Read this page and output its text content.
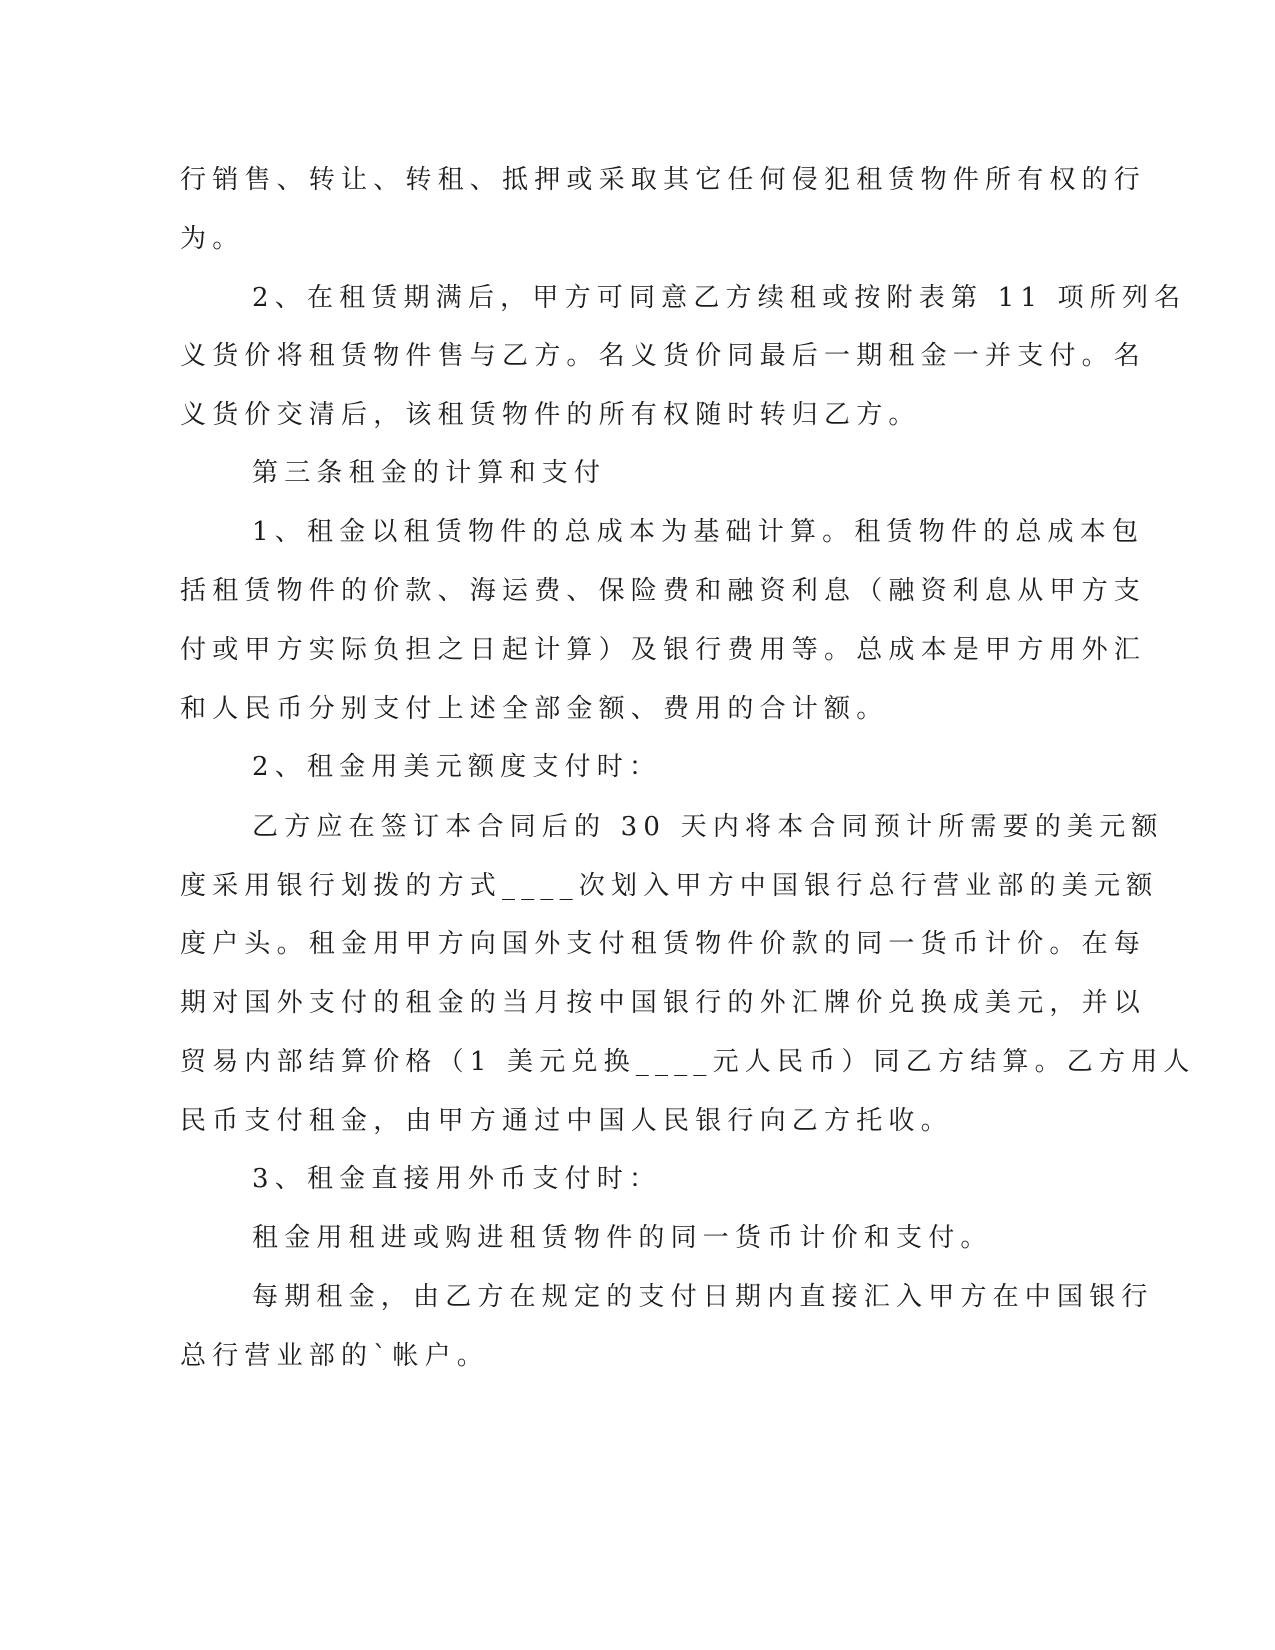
行销售、转让、转租、抵押或采取其它任何侵犯租赁物件所有权的行
为。
2、在租赁期满后，甲方可同意乙方续租或按附表第 11 项所列名
义货价将租赁物件售与乙方。名义货价同最后一期租金一并支付。名
义货价交清后，该租赁物件的所有权随时转归乙方。
第三条租金的计算和支付
1、租金以租赁物件的总成本为基础计算。租赁物件的总成本包
括租赁物件的价款、海运费、保险费和融资利息（融资利息从甲方支
付或甲方实际负担之日起计算）及银行费用等。总成本是甲方用外汇
和人民币分别支付上述全部金额、费用的合计额。
2、租金用美元额度支付时：
乙方应在签订本合同后的 30 天内将本合同预计所需要的美元额
度采用银行划拨的方式____次划入甲方中国银行总行营业部的美元额
度户头。租金用甲方向国外支付租赁物件价款的同一货币计价。在每
期对国外支付的租金的当月按中国银行的外汇牌价兑换成美元，并以
贸易内部结算价格（1 美元兑换____元人民币）同乙方结算。乙方用人
民币支付租金，由甲方通过中国人民银行向乙方托收。
3、租金直接用外币支付时：
租金用租进或购进租赁物件的同一货币计价和支付。
每期租金，由乙方在规定的支付日期内直接汇入甲方在中国银行
总行营业部的`帐户。
